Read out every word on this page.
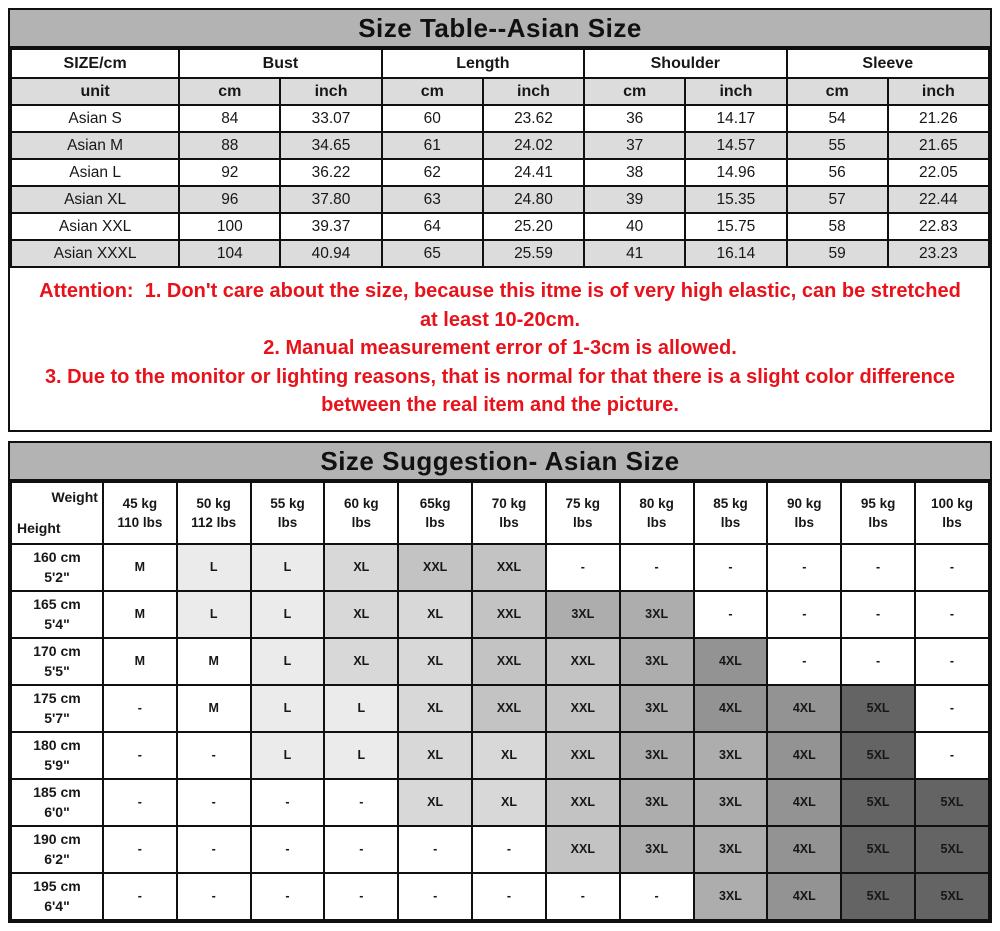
Size Table--Asian Size
SIZE/cm	Bust		Length		Shoulder		Sleeve	
unit	cm	inch	cm	inch	cm	inch	cm	inch
Asian S	84	33.07	60	23.62	36	14.17	54	21.26
Asian M	88	34.65	61	24.02	37	14.57	55	21.65
Asian L	92	36.22	62	24.41	38	14.96	56	22.05
Asian XL	96	37.80	63	24.80	39	15.35	57	22.44
Asian XXL	100	39.37	64	25.20	40	15.75	58	22.83
Asian XXXL	104	40.94	65	25.59	41	16.14	59	23.23
Attention:  1. Don't care about the size, because this itme is of very high elastic, can be stretched
at least 10-20cm.
2. Manual measurement error of 1-3cm is allowed.
3. Due to the monitor or lighting reasons, that is normal for that there is a slight color difference
between the real item and the picture.
Size Suggestion- Asian Size
Weight
Height

45 kg
110 lbs

50 kg
112 lbs

55 kg
lbs

60 kg
lbs

65kg
lbs

70 kg
lbs

75 kg
lbs

80 kg
lbs

85 kg
lbs

90 kg
lbs

95 kg
lbs

100 kg
lbs

160 cm
5'2"	M	L	L	XL	XXL	XXL	-	-	-	-	-	-

165 cm
5'4"	M	L	L	XL	XL	XXL	3XL	3XL	-	-	-	-

170 cm
5'5"	M	M	L	XL	XL	XXL	XXL	3XL	4XL	-	-	-

175 cm
5'7"	-	M	L	L	XL	XXL	XXL	3XL	4XL	4XL	5XL	-

180 cm
5'9"	-	-	L	L	XL	XL	XXL	3XL	3XL	4XL	5XL	-

185 cm
6'0"	-	-	-	-	XL	XL	XXL	3XL	3XL	4XL	5XL	5XL

190 cm
6'2"	-	-	-	-	-	-	XXL	3XL	3XL	4XL	5XL	5XL

195 cm
6'4"	-	-	-	-	-	-	-	-	3XL	4XL	5XL	5XL
